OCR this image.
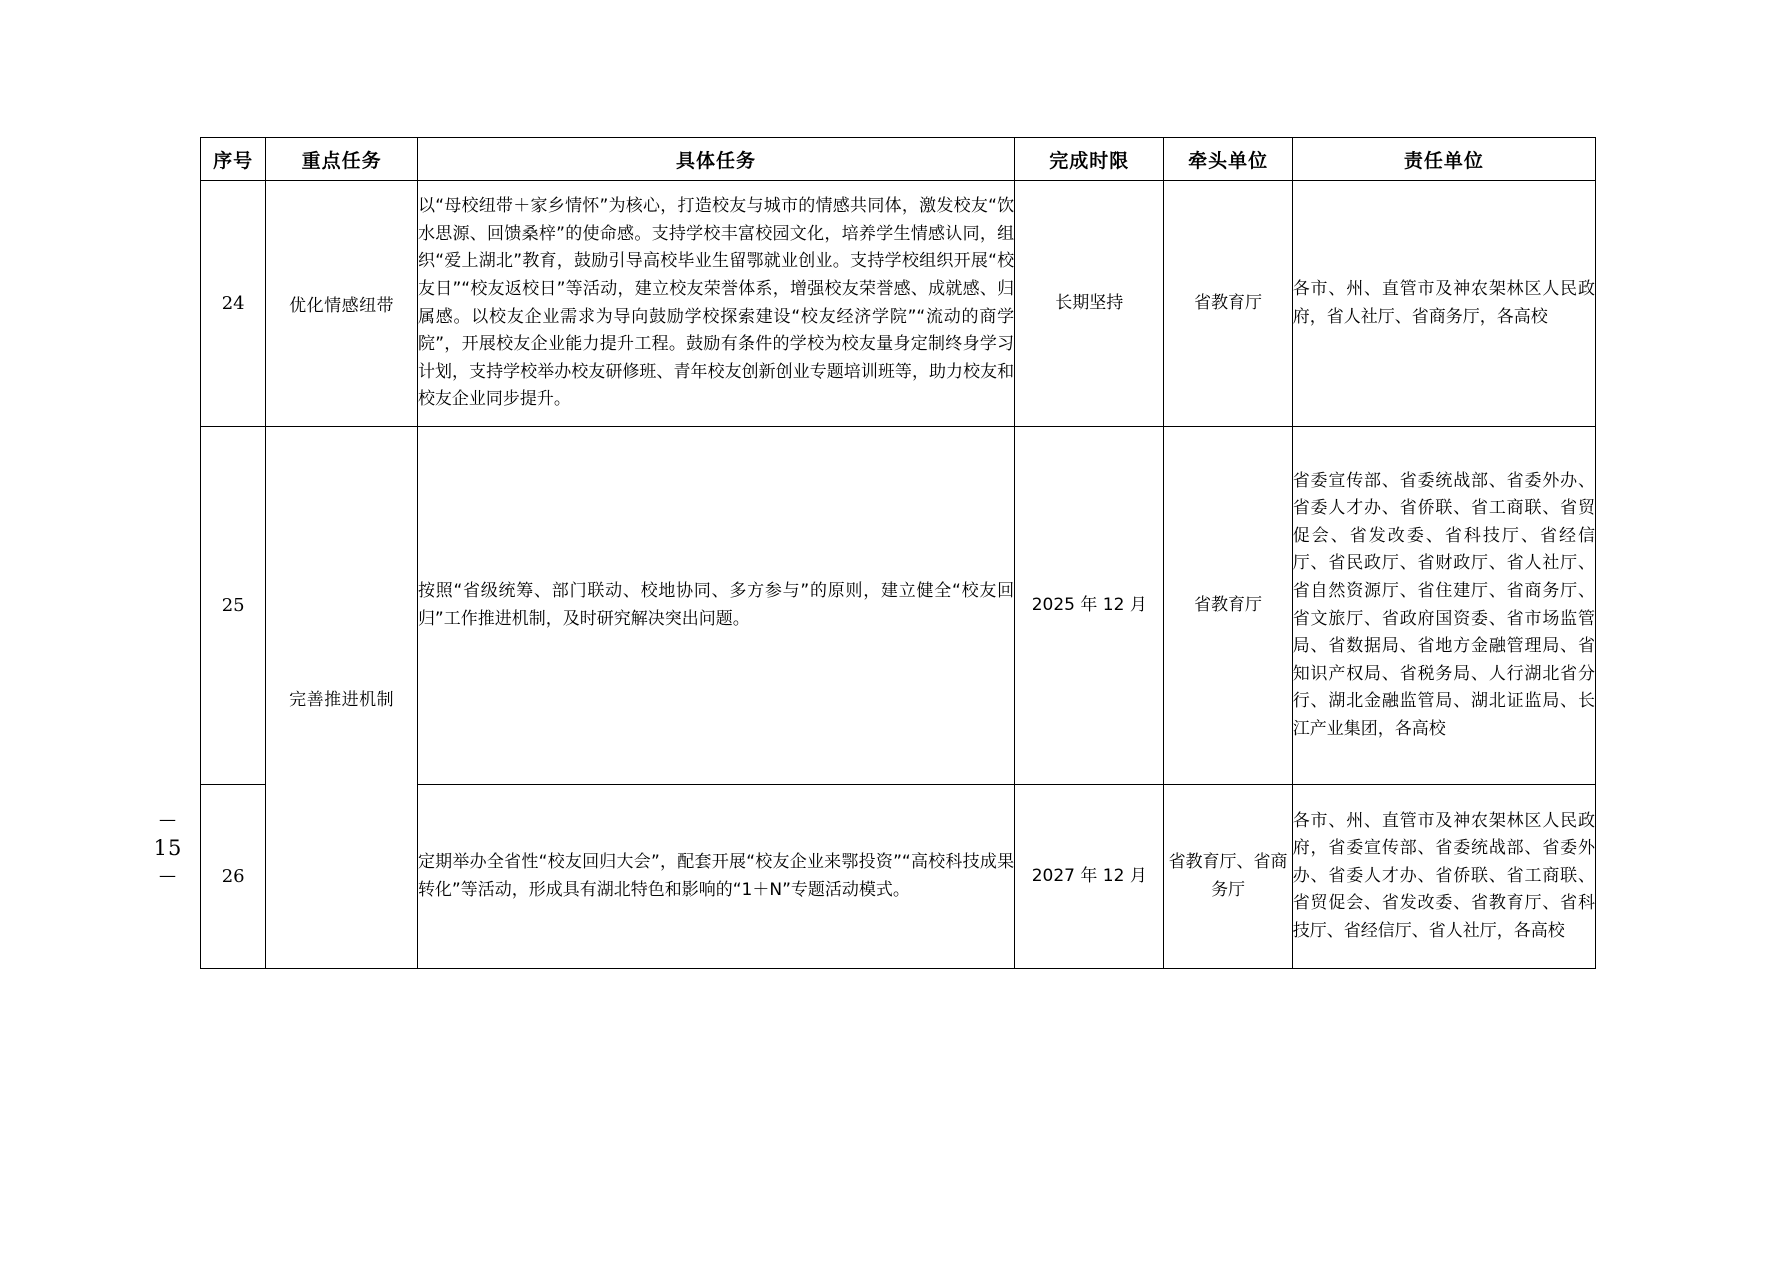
—
15
—
序号	重点任务	具体任务	完成时限	牵头单位	责任单位
24	优化情感纽带	以“母校纽带＋家乡情怀”为核心，打造校友与城市的情感共同体，激发校友“饮水思源、回馈桑梓”的使命感。支持学校丰富校园文化，培养学生情感认同，组织“爱上湖北”教育，鼓励引导高校毕业生留鄂就业创业。支持学校组织开展“校友日”“校友返校日”等活动，建立校友荣誉体系，增强校友荣誉感、成就感、归属感。以校友企业需求为导向鼓励学校探索建设“校友经济学院”“流动的商学院”，开展校友企业能力提升工程。鼓励有条件的学校为校友量身定制终身学习计划，支持学校举办校友研修班、青年校友创新创业专题培训班等，助力校友和校友企业同步提升。	长期坚持	省教育厅	各市、州、直管市及神农架林区人民政府，省人社厅、省商务厅，各高校
25	完善推进机制	按照“省级统筹、部门联动、校地协同、多方参与”的原则，建立健全“校友回归”工作推进机制，及时研究解决突出问题。	2025 年 12 月	省教育厅	省委宣传部、省委统战部、省委外办、省委人才办、省侨联、省工商联、省贸促会、省发改委、省科技厅、省经信厅、省民政厅、省财政厅、省人社厅、省自然资源厅、省住建厅、省商务厅、省文旅厅、省政府国资委、省市场监管局、省数据局、省地方金融管理局、省知识产权局、省税务局、人行湖北省分行、湖北金融监管局、湖北证监局、长江产业集团，各高校
26		定期举办全省性“校友回归大会”，配套开展“校友企业来鄂投资”“高校科技成果转化”等活动，形成具有湖北特色和影响的“1＋N”专题活动模式。	2027 年 12 月	省教育厅、省商务厅	各市、州、直管市及神农架林区人民政府，省委宣传部、省委统战部、省委外办、省委人才办、省侨联、省工商联、省贸促会、省发改委、省教育厅、省科技厅、省经信厅、省人社厅，各高校
